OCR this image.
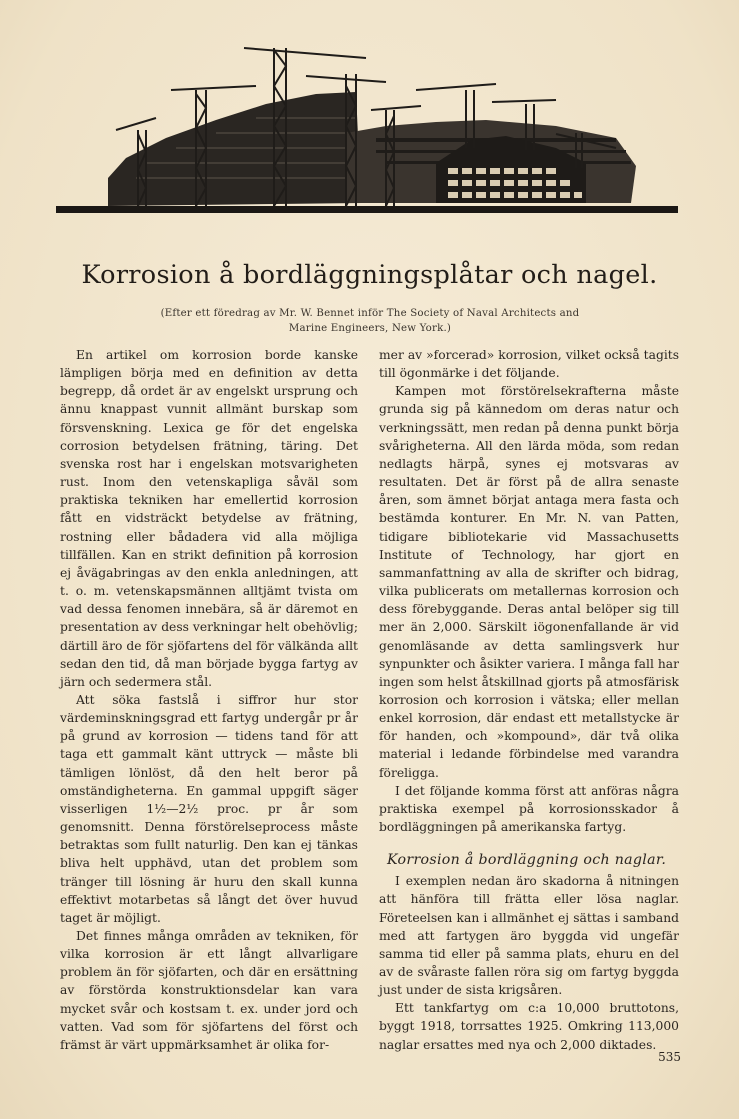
Korrosion å bordläggningsplåtar och nagel.
(Efter ett föredrag av Mr. W. Bennet inför The Society of Naval Architects and Marine Engineers, New York.)

En artikel om korrosion borde kanske lämpligen börja med en definition av detta begrepp, då ordet är av engelskt ursprung och ännu knappast vunnit allmänt burskap som försvenskning. Lexica ge för det engelska corrosion betydelsen frätning, täring. Det svenska rost har i engelskan motsvarigheten rust. Inom den vetenskapliga såväl som praktiska tekniken har emellertid korrosion fått en vidsträckt betydelse av frätning, rostning eller bådadera vid alla möjliga tillfällen. Kan en strikt definition på korrosion ej åvägabringas av den enkla anledningen, att t. o. m. vetenskapsmännen alltjämt tvista om vad dessa fenomen innebära, så är däremot en presentation av dess verkningar helt obehövlig; därtill äro de för sjöfartens del för välkända allt sedan den tid, då man började bygga fartyg av järn och sedermera stål.

Att söka fastslå i siffror hur stor värdeminskningsgrad ett fartyg undergår pr år på grund av korrosion — tidens tand för att taga ett gammalt känt uttryck — måste bli tämligen lönlöst, då den helt beror på omständigheterna. En gammal uppgift säger visserligen 1½—2½ proc. pr år som genomsnitt. Denna förstörelseprocess måste betraktas som fullt naturlig. Den kan ej tänkas bliva helt upphävd, utan det problem som tränger till lösning är huru den skall kunna effektivt motarbetas så långt det över huvud taget är möjligt.

Det finnes många områden av tekniken, för vilka korrosion är ett långt allvarligare problem än för sjöfarten, och där en ersättning av förstörda konstruktionsdelar kan vara mycket svår och kostsam t. ex. under jord och vatten. Vad som för sjöfartens del först och främst är värt uppmärksamhet är olika for-

mer av »forcerad» korrosion, vilket också tagits till ögonmärke i det följande.

Kampen mot förstörelsekrafterna måste grunda sig på kännedom om deras natur och verkningssätt, men redan på denna punkt börja svårigheterna. All den lärda möda, som redan nedlagts härpå, synes ej motsvaras av resultaten. Det är först på de allra senaste åren, som ämnet börjat antaga mera fasta och bestämda konturer. En Mr. N. van Patten, tidigare bibliotekarie vid Massachusetts Institute of Technology, har gjort en sammanfattning av alla de skrifter och bidrag, vilka publicerats om metallernas korrosion och dess förebyggande. Deras antal belöper sig till mer än 2,000. Särskilt iögonenfallande är vid genomläsande av detta samlingsverk hur synpunkter och åsikter variera. I många fall har ingen som helst åtskillnad gjorts på atmosfärisk korrosion och korrosion i vätska; eller mellan enkel korrosion, där endast ett metallstycke är för handen, och »kompound», där två olika material i ledande förbindelse med varandra föreligga.

I det följande komma först att anföras några praktiska exempel på korrosionsskador å bordläggningen på amerikanska fartyg.

Korrosion å bordläggning och naglar.

I exemplen nedan äro skadorna å nitningen att hänföra till frätta eller lösa naglar. Företeelsen kan i allmänhet ej sättas i samband med att fartygen äro byggda vid ungefär samma tid eller på samma plats, ehuru en del av de svåraste fallen röra sig om fartyg byggda just under de sista krigsåren.

Ett tankfartyg om c:a 10,000 bruttotons, byggt 1918, torrsattes 1925. Omkring 113,000 naglar ersattes med nya och 2,000 diktades.

535
